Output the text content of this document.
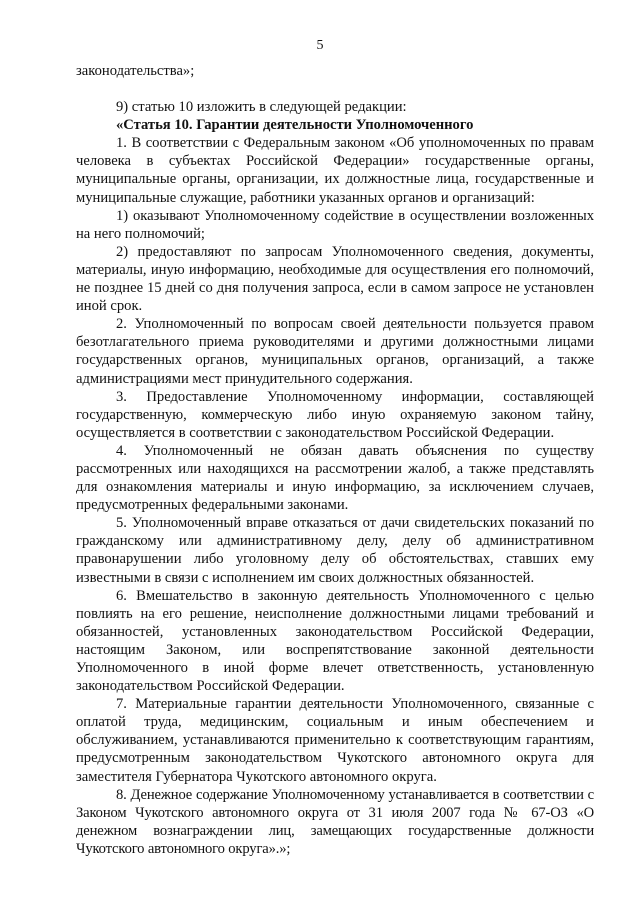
5

законодательства»;

9) статью 10 изложить в следующей редакции:

«Статья 10. Гарантии деятельности Уполномоченного

1. В соответствии с Федеральным законом «Об уполномоченных по правам человека в субъектах Российской Федерации» государственные органы, муниципальные органы, организации, их должностные лица, государственные и муниципальные служащие, работники указанных органов и организаций:

1) оказывают Уполномоченному содействие в осуществлении возложенных на него полномочий;

2) предоставляют по запросам Уполномоченного сведения, документы, материалы, иную информацию, необходимые для осуществления его полномочий, не позднее 15 дней со дня получения запроса, если в самом запросе не установлен иной срок.

2. Уполномоченный по вопросам своей деятельности пользуется правом безотлагательного приема руководителями и другими должностными лицами государственных органов, муниципальных органов, организаций, а также администрациями мест принудительного содержания.

3. Предоставление Уполномоченному информации, составляющей государственную, коммерческую либо иную охраняемую законом тайну, осуществляется в соответствии с законодательством Российской Федерации.

4. Уполномоченный не обязан давать объяснения по существу рассмотренных или находящихся на рассмотрении жалоб, а также представлять для ознакомления материалы и иную информацию, за исключением случаев, предусмотренных федеральными законами.

5. Уполномоченный вправе отказаться от дачи свидетельских показаний по гражданскому или административному делу, делу об административном правонарушении либо уголовному делу об обстоятельствах, ставших ему известными в связи с исполнением им своих должностных обязанностей.

6. Вмешательство в законную деятельность Уполномоченного с целью повлиять на его решение, неисполнение должностными лицами требований и обязанностей, установленных законодательством Российской Федерации, настоящим Законом, или воспрепятствование законной деятельности Уполномоченного в иной форме влечет ответственность, установленную законодательством Российской Федерации.

7. Материальные гарантии деятельности Уполномоченного, связанные с оплатой труда, медицинским, социальным и иным обеспечением и обслуживанием, устанавливаются применительно к соответствующим гарантиям, предусмотренным законодательством Чукотского автономного округа для заместителя Губернатора Чукотского автономного округа.

8. Денежное содержание Уполномоченному устанавливается в соответствии с Законом Чукотского автономного округа от 31 июля 2007 года № 67-ОЗ «О денежном вознаграждении лиц, замещающих государственные должности Чукотского автономного округа».»;
